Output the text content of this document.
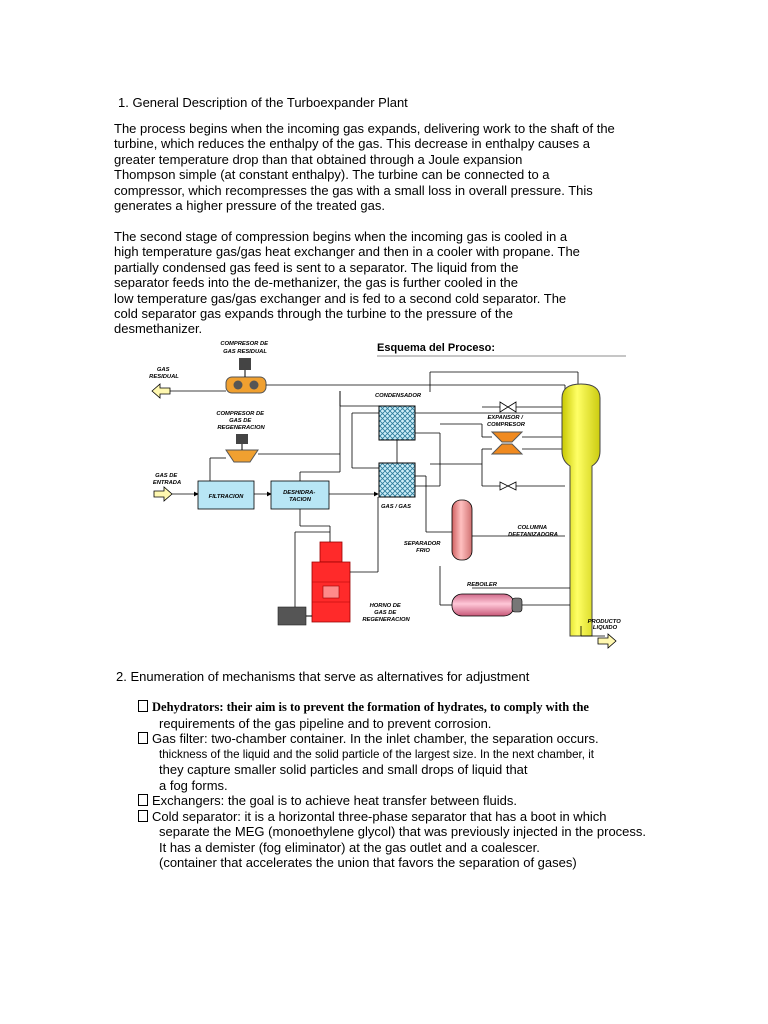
1. General Description of the Turboexpander Plant
The process begins when the incoming gas expands, delivering work to the shaft of the
turbine, which reduces the enthalpy of the gas. This decrease in enthalpy causes a
greater temperature drop than that obtained through a Joule expansion
Thompson simple (at constant enthalpy). The turbine can be connected to a
compressor, which recompresses the gas with a small loss in overall pressure. This
generates a higher pressure of the treated gas.
The second stage of compression begins when the incoming gas is cooled in a
high temperature gas/gas heat exchanger and then in a cooler with propane. The
partially condensed gas feed is sent to a separator. The liquid from the
separator feeds into the de-methanizer, the gas is further cooled in the
low temperature gas/gas exchanger and is fed to a second cold separator. The
cold separator gas expands through the turbine to the pressure of the
desmethanizer.
Esquema del Proceso:
COMPRESOR DE GAS RESIDUAL
GAS RESIDUAL
COMPRESOR DE GAS DE REGENERACION
GAS DE ENTRADA
FILTRACION
DESHIDRA- TACION
CONDENSADOR
GAS / GAS
EXPANSOR / COMPRESOR
SEPARADOR FRIO
COLUMNA DEETANIZADORA
REBOILER
PRODUCTO LIQUIDO
HORNO DE GAS DE REGENERACION
2. Enumeration of mechanisms that serve as alternatives for adjustment
Dehydrators: their aim is to prevent the formation of hydrates, to comply with the
requirements of the gas pipeline and to prevent corrosion.
Gas filter: two-chamber container. In the inlet chamber, the separation occurs.
thickness of the liquid and the solid particle of the largest size. In the next chamber, it
they capture smaller solid particles and small drops of liquid that
a fog forms.
Exchangers: the goal is to achieve heat transfer between fluids.
Cold separator: it is a horizontal three-phase separator that has a boot in which
separate the MEG (monoethylene glycol) that was previously injected in the process.
It has a demister (fog eliminator) at the gas outlet and a coalescer.
(container that accelerates the union that favors the separation of gases)
